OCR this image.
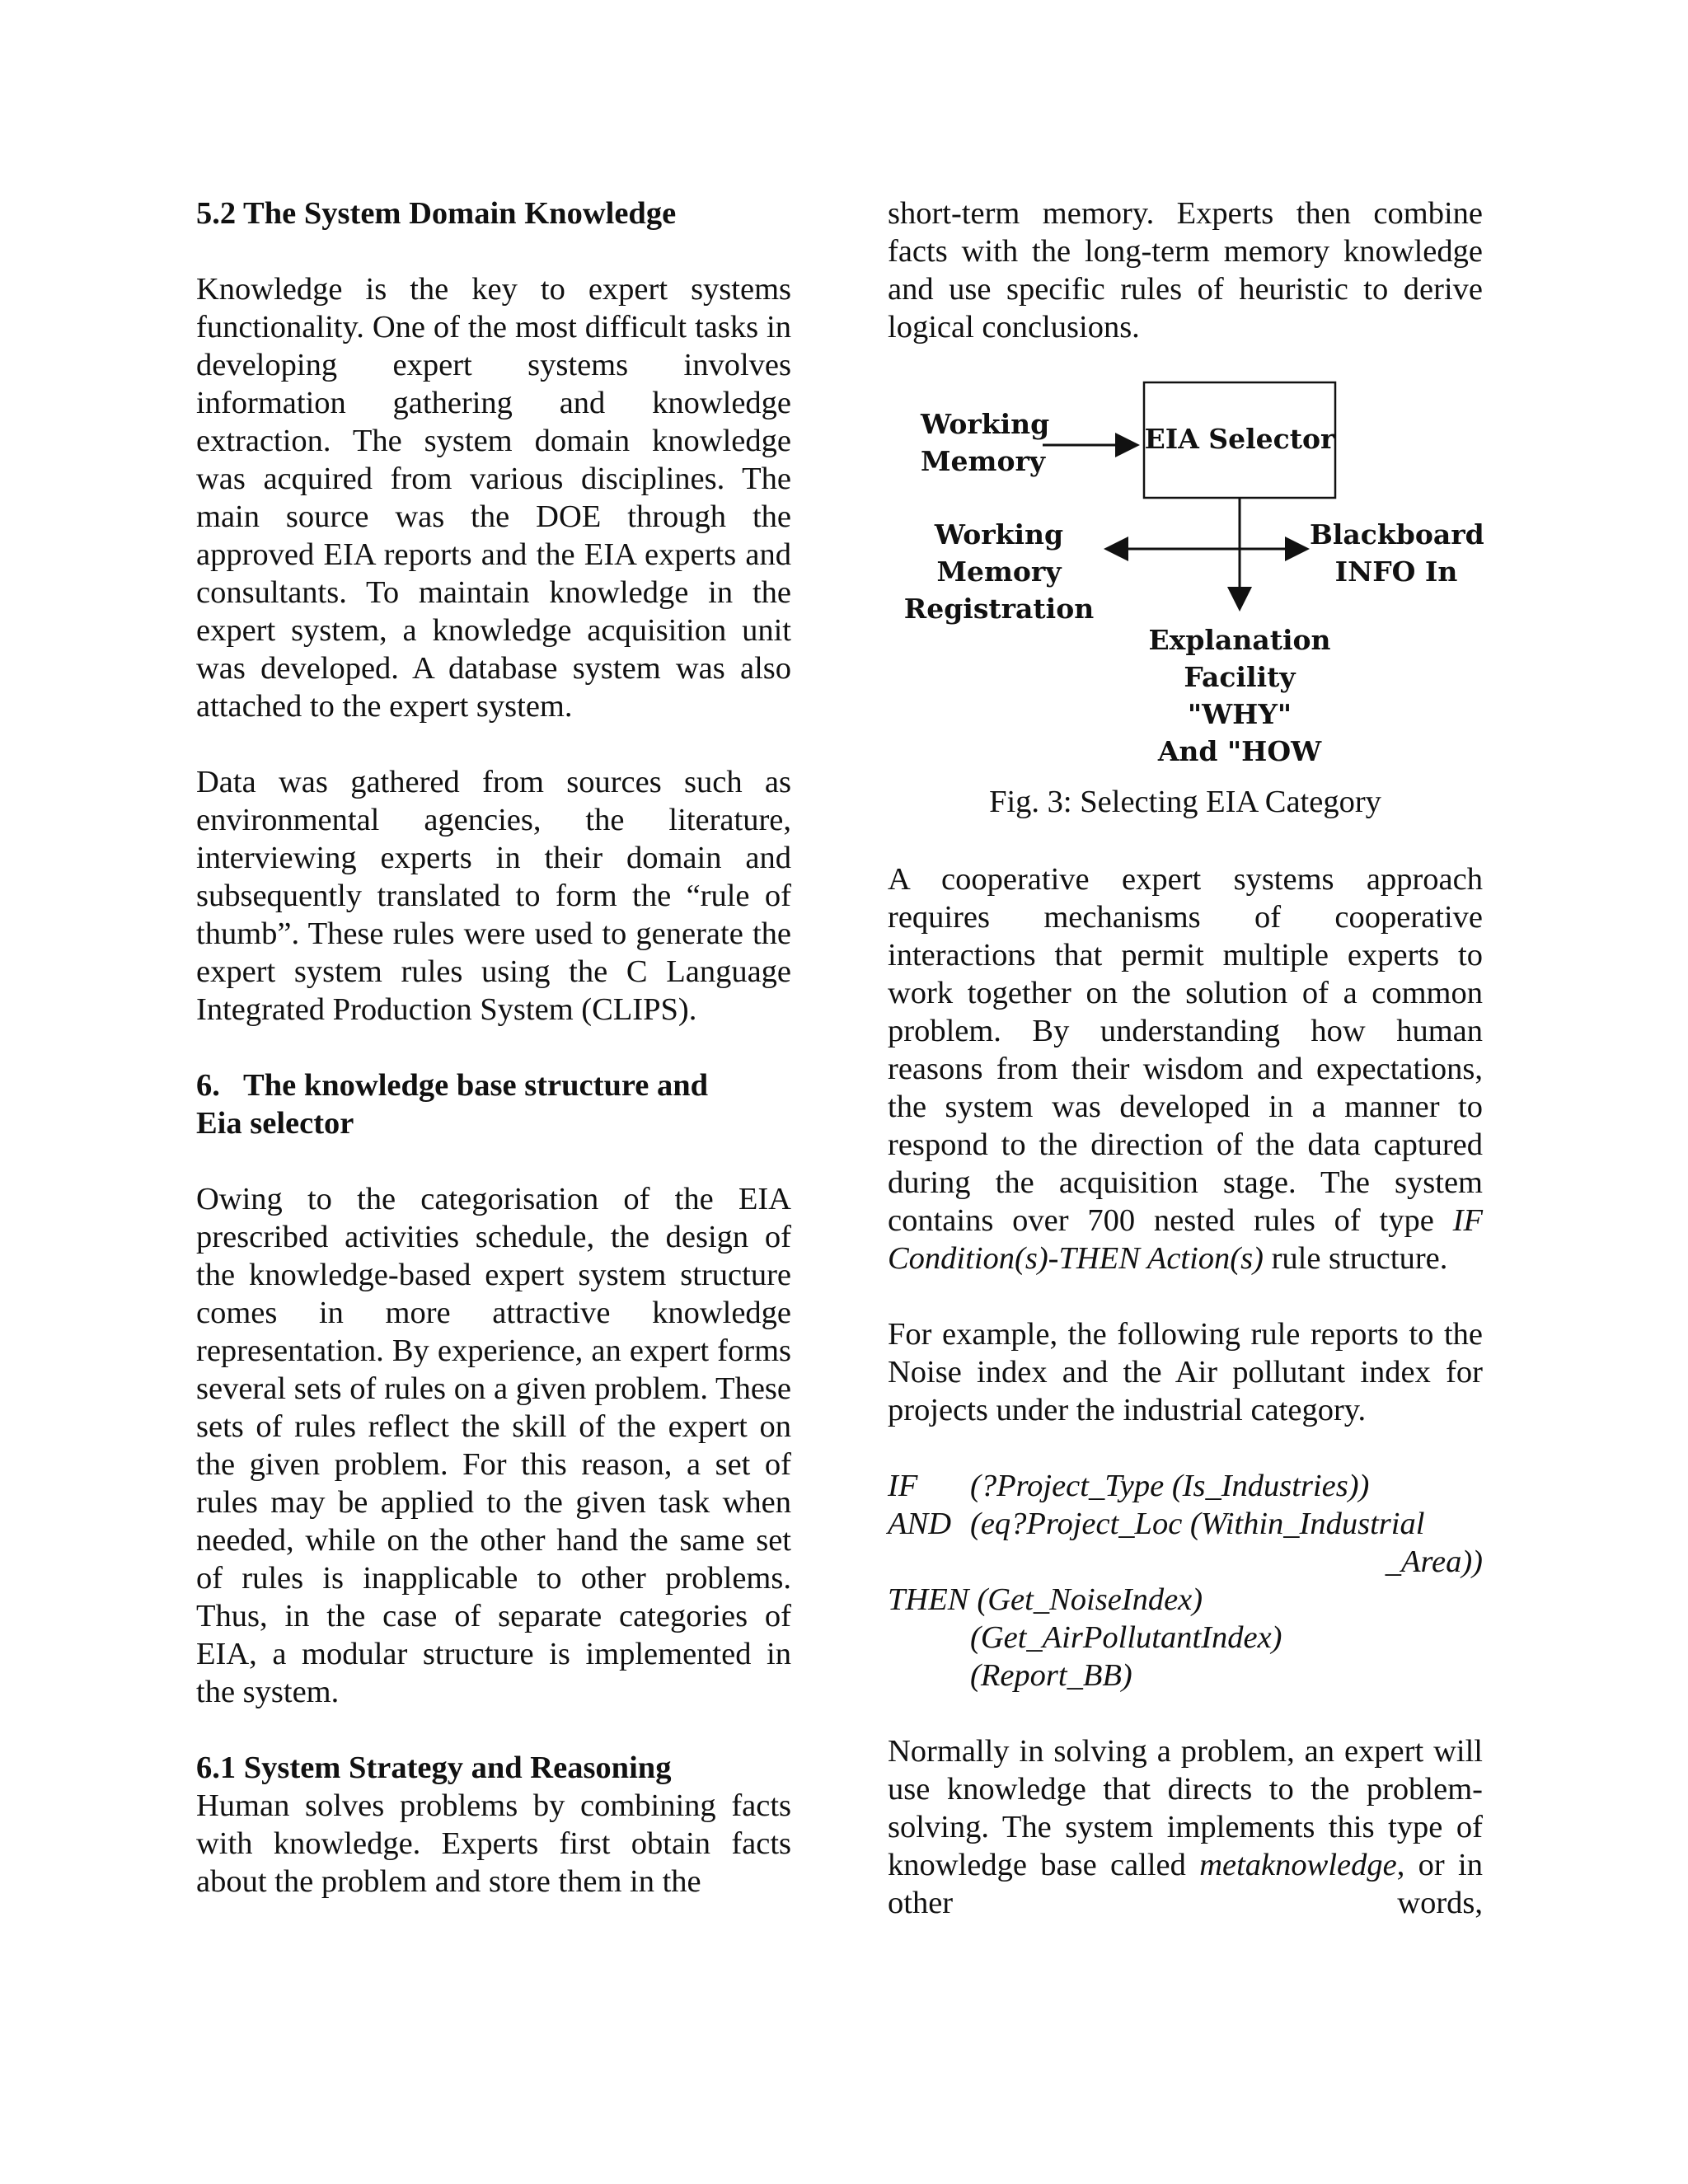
5.2 The System Domain Knowledge

Knowledge is the key to expert systems functionality. One of the most difficult tasks in developing expert systems involves information gathering and knowledge extraction. The system domain knowledge was acquired from various disciplines. The main source was the DOE through the approved EIA reports and the EIA experts and consultants. To maintain knowledge in the expert system, a knowledge acquisition unit was developed. A database system was also attached to the expert system.

Data was gathered from sources such as environmental agencies, the literature, interviewing experts in their domain and subsequently translated to form the “rule of thumb”. These rules were used to generate the expert system rules using the C Language Integrated Production System (CLIPS).

6.   The knowledge base structure and
Eia selector

Owing to the categorisation of the EIA prescribed activities schedule, the design of the knowledge-based expert system structure comes in more attractive knowledge representation. By experience, an expert forms several sets of rules on a given problem. These sets of rules reflect the skill of the expert on the given problem. For this reason, a set of rules may be applied to the given task when needed, while on the other hand the same set of rules is inapplicable to other problems. Thus, in the case of separate categories of EIA, a modular structure is implemented in the system.

6.1 System Strategy and Reasoning

Human solves problems by combining facts with knowledge. Experts first obtain facts about the problem and store them in the

short-term memory. Experts then combine facts with the long-term memory knowledge and use specific rules of heuristic to derive logical conclusions.

Working
Memory
EIA Selector
Working Memory
Registration
Blackboard
INFO In
Explanation
Facility "WHY"
And "HOW
Fig. 3: Selecting EIA Category

A cooperative expert systems approach requires mechanisms of cooperative interactions that permit multiple experts to work together on the solution of a common problem. By understanding how human reasons from their wisdom and expectations, the system was developed in a manner to respond to the direction of the data captured during the acquisition stage. The system contains over 700 nested rules of type IF Condition(s)-THEN Action(s) rule structure.

For example, the following rule reports to the Noise index and the Air pollutant index for projects under the industrial category.

IF	(?Project_Type (Is_Industries))
AND (eq?Project_Loc (Within_Industrial
_Area))
THEN (Get_NoiseIndex)
(Get_AirPollutantIndex)
(Report_BB)

Normally in solving a problem, an expert will use knowledge that directs to the problem-solving. The system implements this type of knowledge base called metaknowledge, or in other words,
